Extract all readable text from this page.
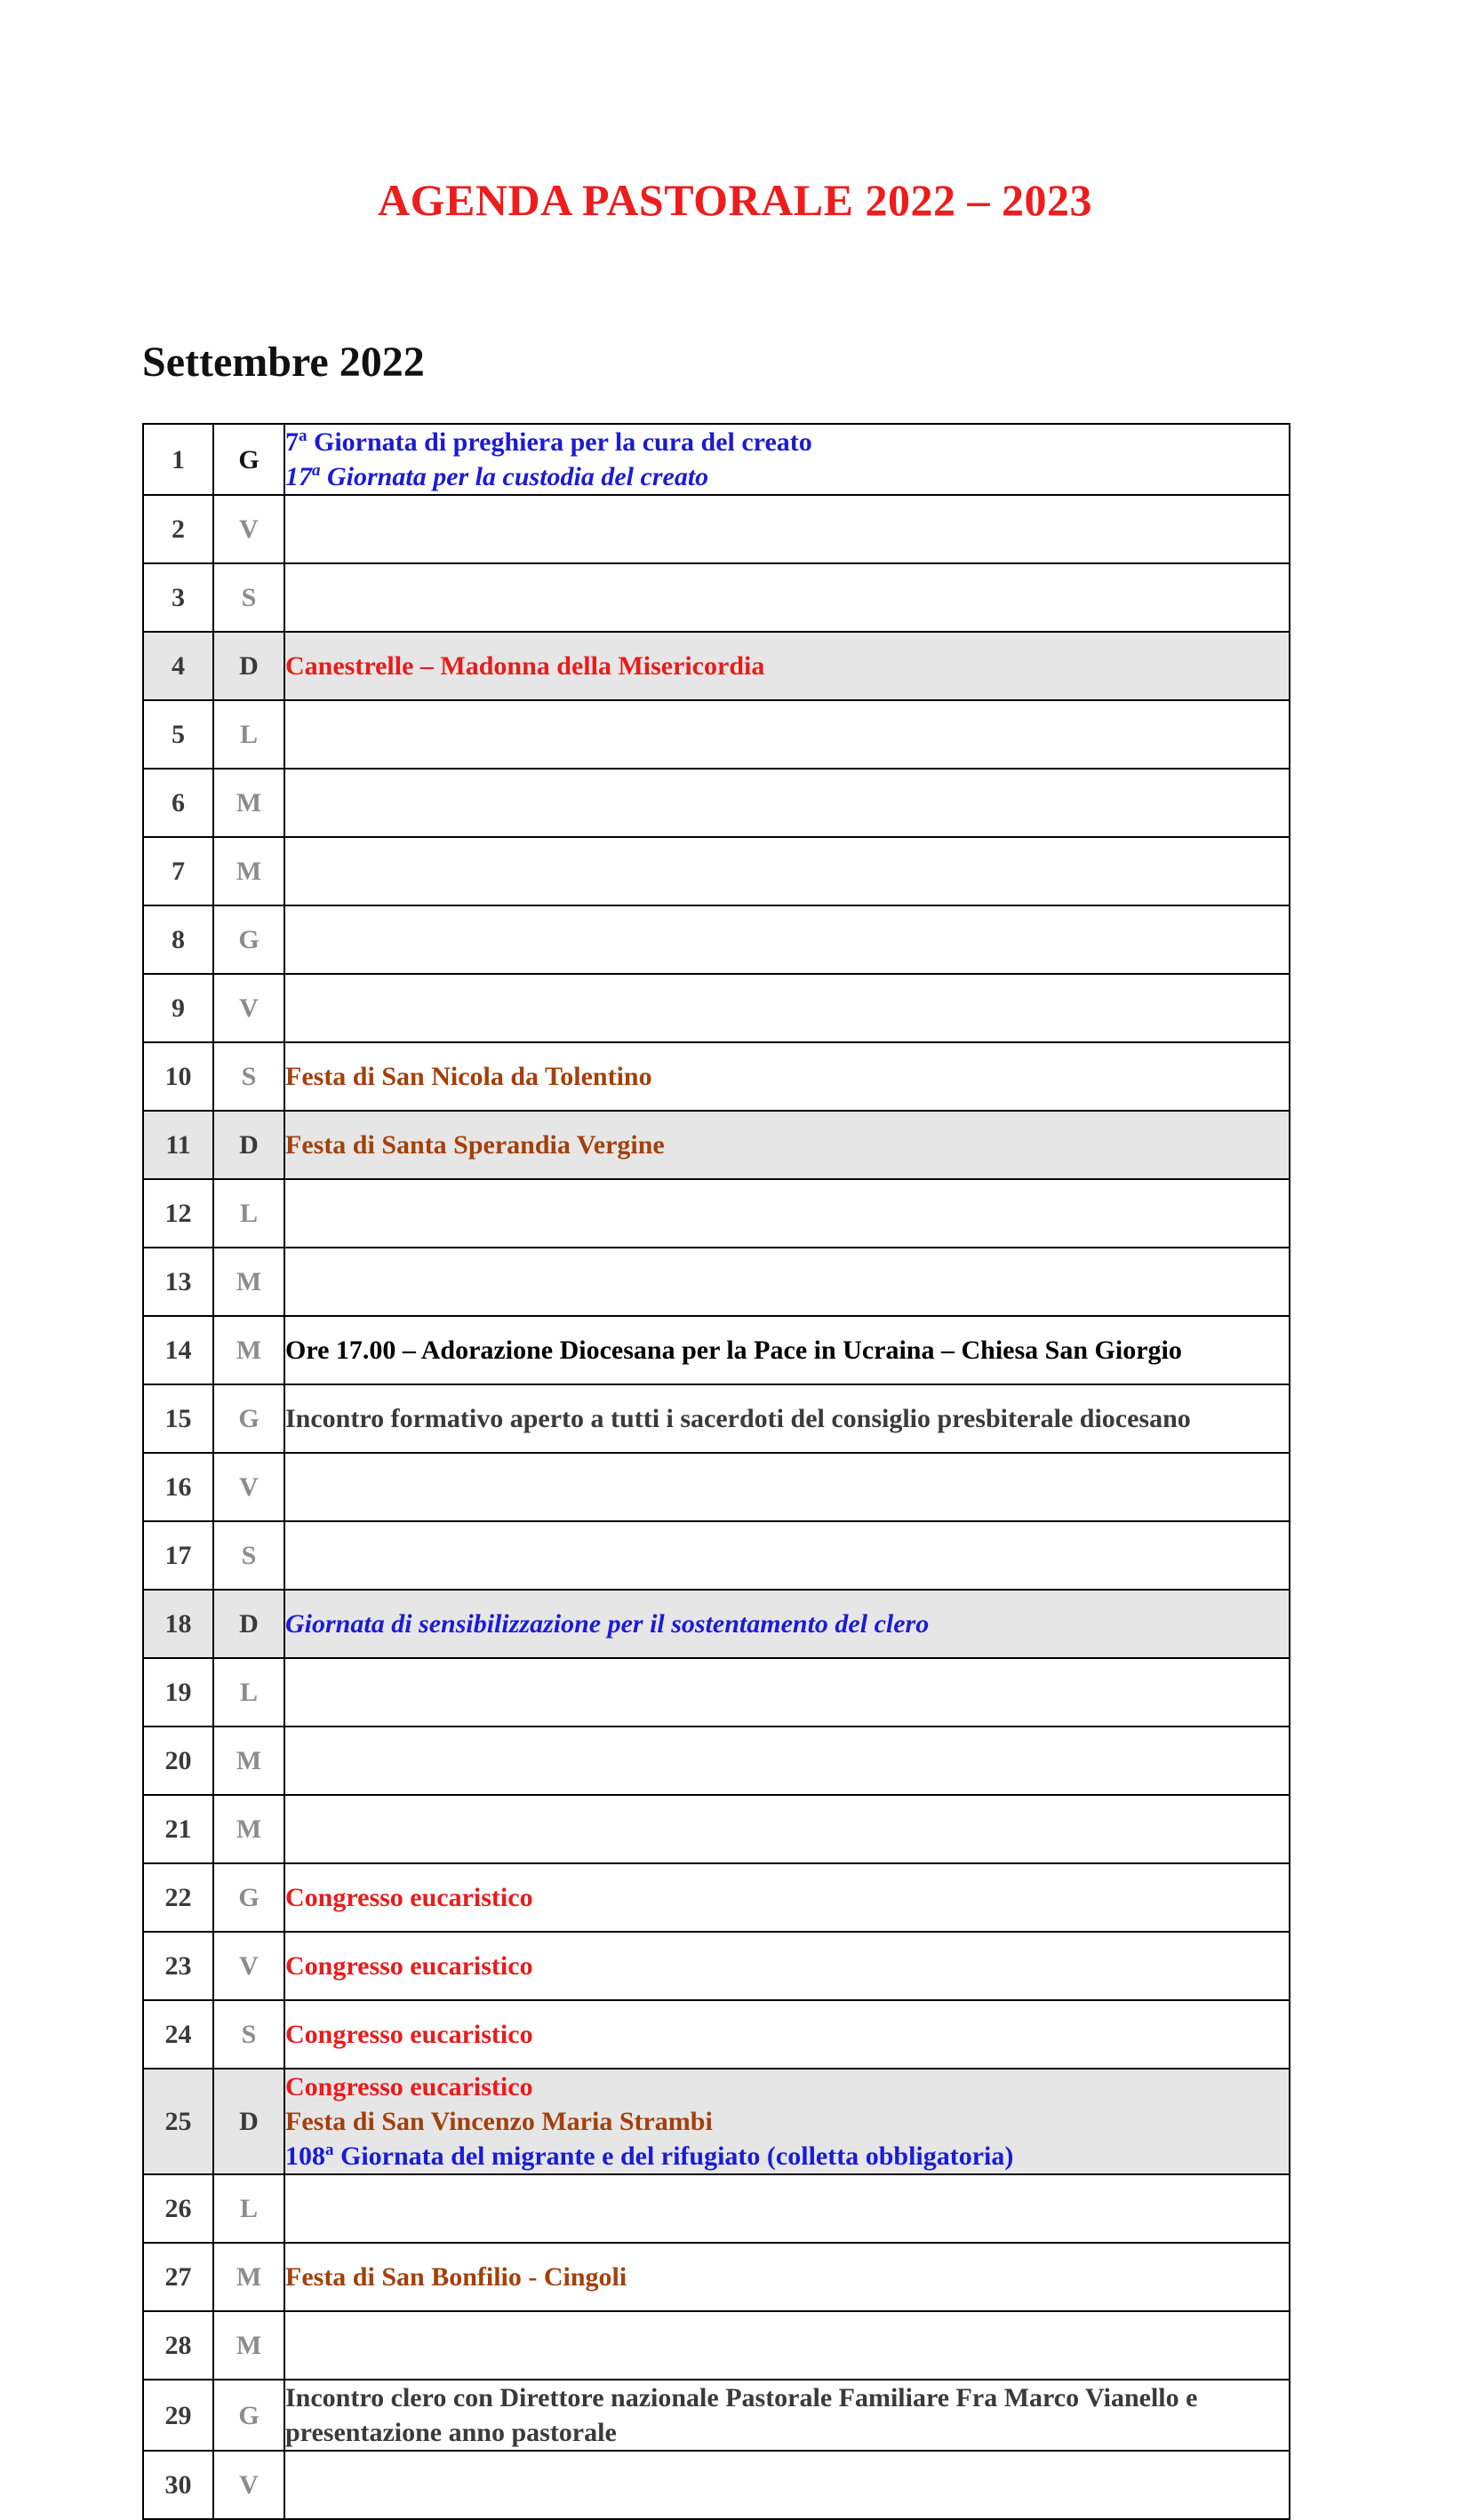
AGENDA PASTORALE 2022 – 2023
Settembre 2022
1	G	7$^a$ Giornata di preghiera per la cura del creato
17$^a$ Giornata per la custodia del creato

2	V	
3	S	
4	D	Canestrelle – Madonna della Misericordia

5	L	
6	M	
7	M	
8	G	
9	V	
10	S	Festa di San Nicola da Tolentino

11	D	Festa di Santa Sperandia Vergine

12	L	
13	M	
14	M	Ore 17.00 – Adorazione Diocesana per la Pace in Ucraina – Chiesa San Giorgio

15	G	Incontro formativo aperto a tutti i sacerdoti del consiglio presbiterale diocesano

16	V	
17	S	
18	D	Giornata di sensibilizzazione per il sostentamento del clero

19	L	
20	M	
21	M	
22	G	Congresso eucaristico

23	V	Congresso eucaristico

24	S	Congresso eucaristico

25	D	Congresso eucaristico
Festa di San Vincenzo Maria Strambi
108$^a$ Giornata del migrante e del rifugiato (colletta obbligatoria)

26	L	
27	M	Festa di San Bonfilio - Cingoli

28	M	
29	G	Incontro clero con Direttore nazionale Pastorale Familiare Fra Marco Vianello e presentazione anno pastorale

30	V	
